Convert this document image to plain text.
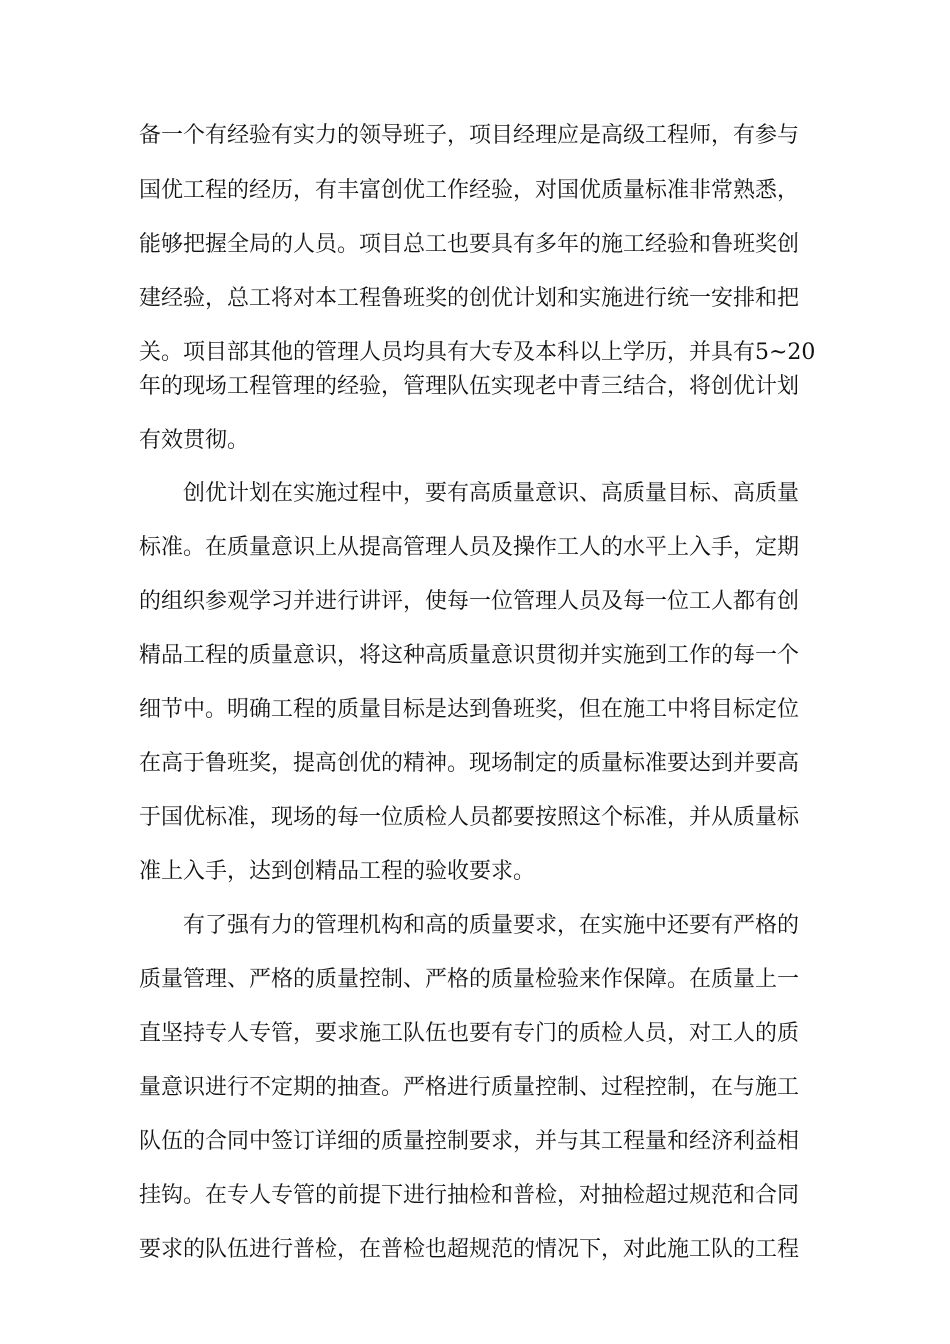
备一个有经验有实力的领导班子，项目经理应是高级工程师，有参与
国优工程的经历，有丰富创优工作经验，对国优质量标准非常熟悉，
能够把握全局的人员。项目总工也要具有多年的施工经验和鲁班奖创
建经验，总工将对本工程鲁班奖的创优计划和实施进行统一安排和把
关。项目部其他的管理人员均具有大专及本科以上学历，并具有5~20
年的现场工程管理的经验，管理队伍实现老中青三结合，将创优计划
有效贯彻。
创优计划在实施过程中，要有高质量意识、高质量目标、高质量
标准。在质量意识上从提高管理人员及操作工人的水平上入手，定期
的组织参观学习并进行讲评，使每一位管理人员及每一位工人都有创
精品工程的质量意识，将这种高质量意识贯彻并实施到工作的每一个
细节中。明确工程的质量目标是达到鲁班奖，但在施工中将目标定位
在高于鲁班奖，提高创优的精神。现场制定的质量标准要达到并要高
于国优标准，现场的每一位质检人员都要按照这个标准，并从质量标
准上入手，达到创精品工程的验收要求。
有了强有力的管理机构和高的质量要求，在实施中还要有严格的
质量管理、严格的质量控制、严格的质量检验来作保障。在质量上一
直坚持专人专管，要求施工队伍也要有专门的质检人员，对工人的质
量意识进行不定期的抽查。严格进行质量控制、过程控制，在与施工
队伍的合同中签订详细的质量控制要求，并与其工程量和经济利益相
挂钩。在专人专管的前提下进行抽检和普检，对抽检超过规范和合同
要求的队伍进行普检，在普检也超规范的情况下，对此施工队的工程
